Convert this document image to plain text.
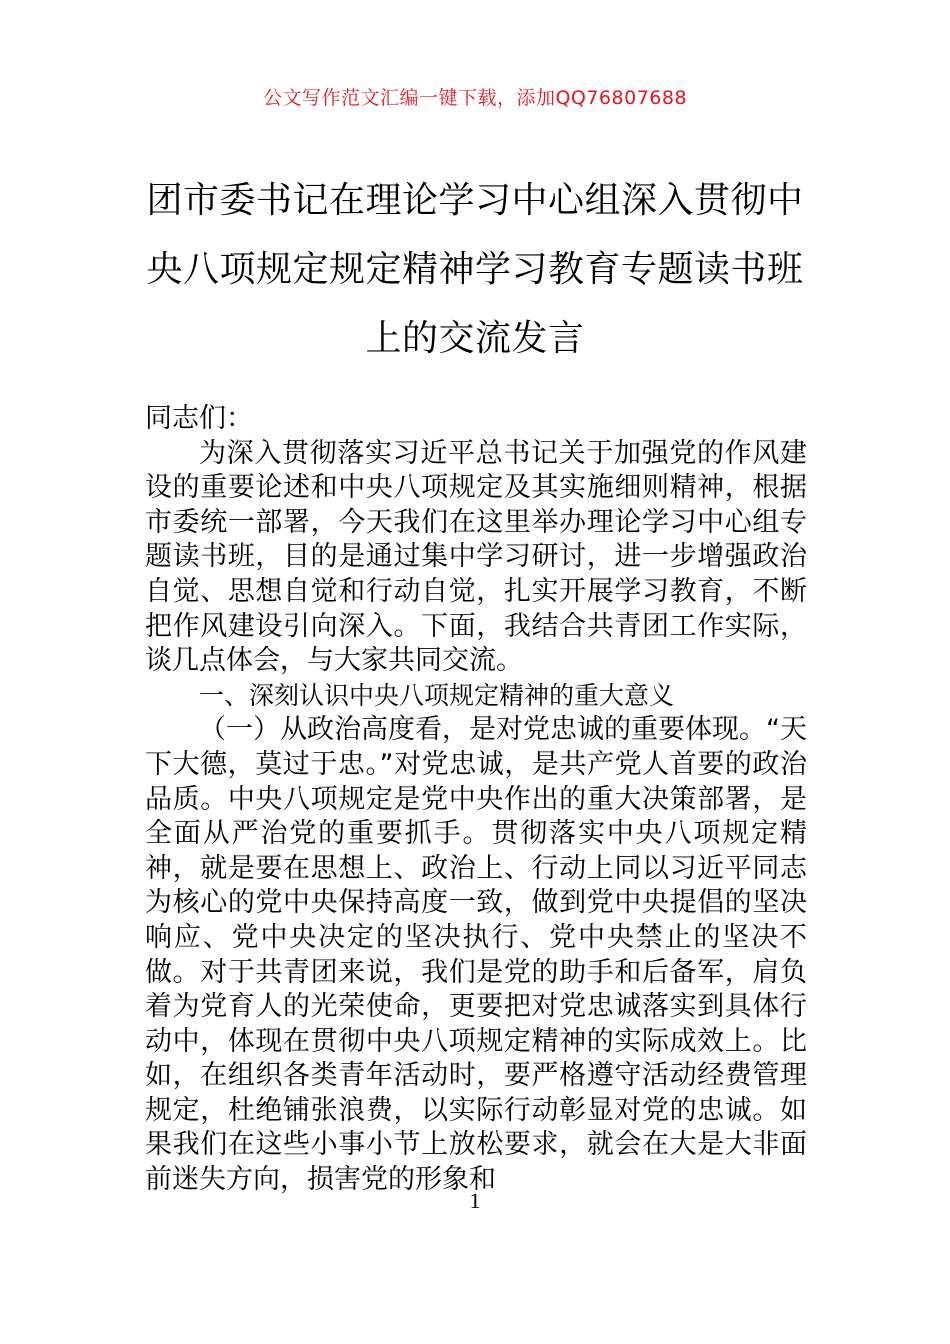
公文写作范文汇编一键下载，添加QQ76807688
团市委书记在理论学习中心组深入贯彻中
央八项规定规定精神学习教育专题读书班
上的交流发言

同志们：

为深入贯彻落实习近平总书记关于加强党的作风建设的重要论述和中央八项规定及其实施细则精神，根据市委统一部署，今天我们在这里举办理论学习中心组专题读书班，目的是通过集中学习研讨，进一步增强政治自觉、思想自觉和行动自觉，扎实开展学习教育，不断把作风建设引向深入。下面，我结合共青团工作实际，谈几点体会，与大家共同交流。

一、深刻认识中央八项规定精神的重大意义

（一）从政治高度看，是对党忠诚的重要体现。“天下大德，莫过于忠。”对党忠诚，是共产党人首要的政治品质。中央八项规定是党中央作出的重大决策部署，是全面从严治党的重要抓手。贯彻落实中央八项规定精神，就是要在思想上、政治上、行动上同以习近平同志为核心的党中央保持高度一致，做到党中央提倡的坚决响应、党中央决定的坚决执行、党中央禁止的坚决不做。对于共青团来说，我们是党的助手和后备军，肩负着为党育人的光荣使命，更要把对党忠诚落实到具体行动中，体现在贯彻中央八项规定精神的实际成效上。比如，在组织各类青年活动时，要严格遵守活动经费管理规定，杜绝铺张浪费，以实际行动彰显对党的忠诚。如果我们在这些小事小节上放松要求，就会在大是大非面前迷失方向，损害党的形象和

1
